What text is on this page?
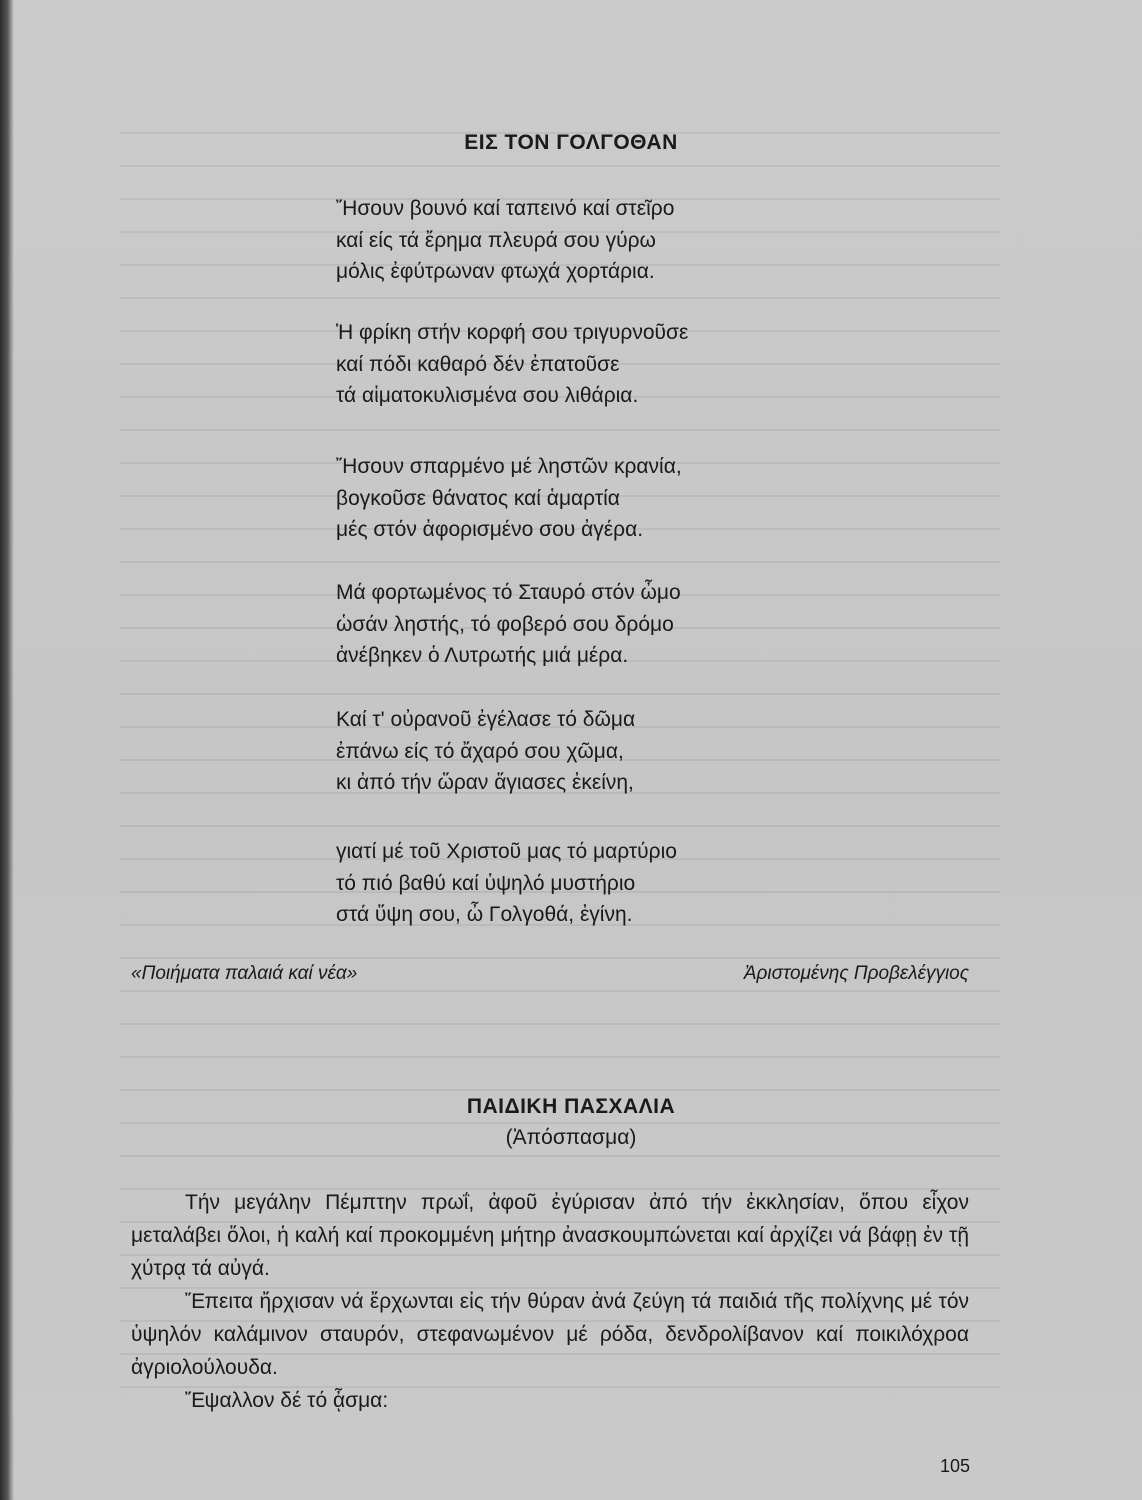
ΕΙΣ ΤΟΝ ΓΟΛΓΟΘΑΝ
Ἤσουν βουνό καί ταπεινό καί στεῖρο
καί είς τά ἔρημα πλευρά σου γύρω
μόλις ἐφύτρωναν φτωχά χορτάρια.
Ἡ φρίκη στήν κορφή σου τριγυρνοῦσε
καί πόδι καθαρό δέν ἐπατοῦσε
τά αἱματοκυλισμένα σου λιθάρια.
Ἤσουν σπαρμένο μέ ληστῶν κρανία,
βογκοῦσε θάνατος καί ἁμαρτία
μές στόν ἀφορισμένο σου ἀγέρα.
Μά φορτωμένος τό Σταυρό στόν ὦμο
ὡσάν ληστής, τό φοβερό σου δρόμο
ἀνέβηκεν ὁ Λυτρωτής μιά μέρα.
Καί τ' οὐρανοῦ ἐγέλασε τό δῶμα
ἐπάνω είς τό ἄχαρό σου χῶμα,
κι ἀπό τήν ὥραν ἅγιασες ἐκείνη,
γιατί μέ τοῦ Χριστοῦ μας τό μαρτύριο
τό πιό βαθύ καί ὑψηλό μυστήριο
στά ὕψη σου, ὦ Γολγοθά, ἐγίνη.
«Ποιήματα παλαιά καί νέα»	Ἀριστομένης Προβελέγγιος
ΠΑΙΔΙΚΗ ΠΑΣΧΑΛΙΑ
(Ἀπόσπασμα)

Τήν μεγάλην Πέμπτην πρωΐ, ἀφοῦ ἐγύρισαν ἀπό τήν ἐκκλησίαν, ὅπου εἶχον μεταλάβει ὅλοι, ἡ καλή καί προκομμένη μήτηρ ἀνασκουμπώνεται καί ἀρχίζει νά βάφῃ ἐν τῇ χύτρᾳ τά αὐγά.

Ἔπειτα ἤρχισαν νά ἔρχωνται εἰς τήν θύραν ἀνά ζεύγη τά παιδιά τῆς πολίχνης μέ τόν ὑψηλόν καλάμινον σταυρόν, στεφανωμένον μέ ρόδα, δενδρολίβανον καί ποικιλόχροα ἀγριολούλουδα.

Ἔψαλλον δέ τό ᾆσμα:

105
